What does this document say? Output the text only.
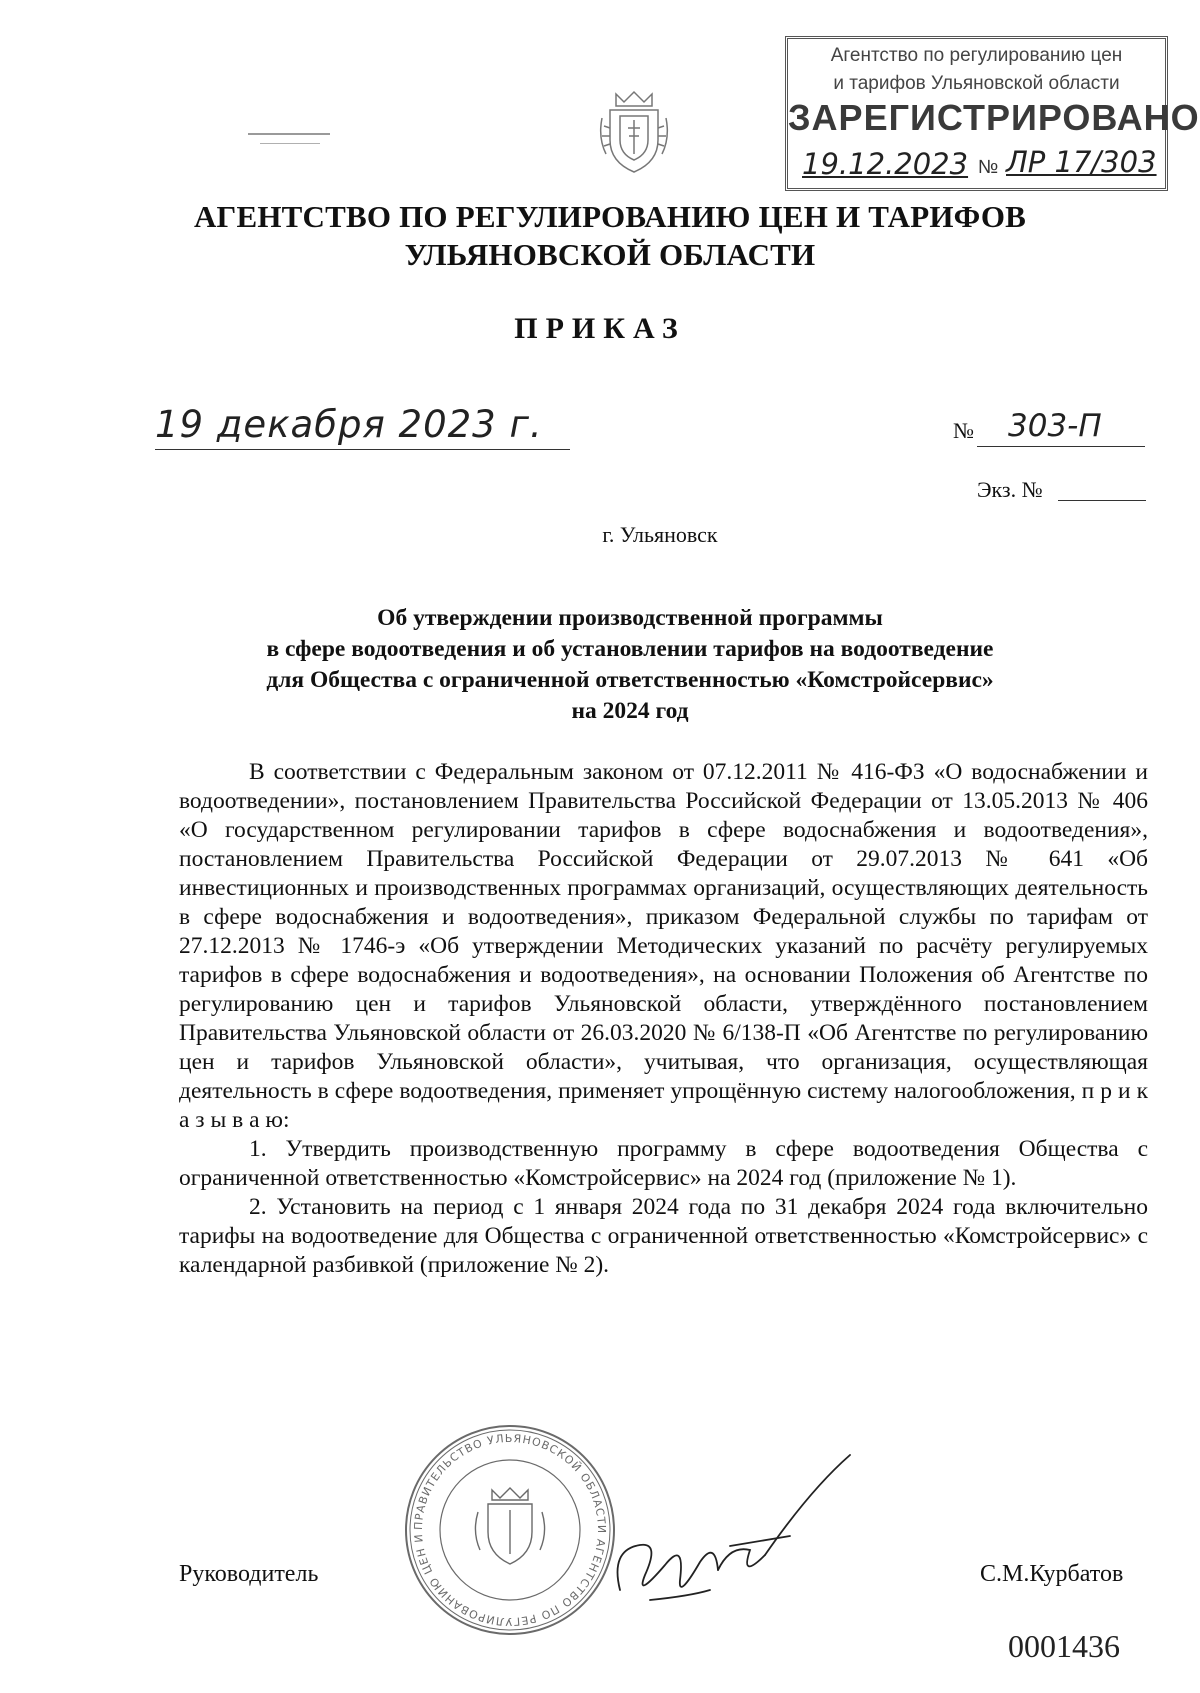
Агентство по регулированию цен
и тарифов Ульяновской области
ЗАРЕГИСТРИРОВАНО
19.12.2023 № ЛР 17/303
АГЕНТСТВО ПО РЕГУЛИРОВАНИЮ ЦЕН И ТАРИФОВ
УЛЬЯНОВСКОЙ ОБЛАСТИ
ПРИКАЗ
19 декабря 2023 г.	№ 303-П
Экз. №
г. Ульяновск
Об утверждении производственной программы
в сфере водоотведения и об установлении тарифов на водоотведение
для Общества с ограниченной ответственностью «Комстройсервис»
на 2024 год

В соответствии с Федеральным законом от 07.12.2011 № 416-ФЗ «О водоснабжении и водоотведении», постановлением Правительства Российской Федерации от 13.05.2013 № 406 «О государственном регулировании тарифов в сфере водоснабжения и водоотведения», постановлением Правительства Российской Федерации от 29.07.2013 № 641 «Об инвестиционных и производственных программах организаций, осуществляющих деятельность в сфере водоснабжения и водоотведения», приказом Федеральной службы по тарифам от 27.12.2013 № 1746-э «Об утверждении Методических указаний по расчёту регулируемых тарифов в сфере водоснабжения и водоотведения», на основании Положения об Агентстве по регулированию цен и тарифов Ульяновской области, утверждённого постановлением Правительства Ульяновской области от 26.03.2020 № 6/138-П «Об Агентстве по регулированию цен и тарифов Ульяновской области», учитывая, что организация, осуществляющая деятельность в сфере водоотведения, применяет упрощённую систему налогообложения, п р и к а з ы в а ю:

1. Утвердить производственную программу в сфере водоотведения Общества с ограниченной ответственностью «Комстройсервис» на 2024 год (приложение № 1).

2. Установить на период с 1 января 2024 года по 31 декабря 2024 года включительно тарифы на водоотведение для Общества с ограниченной ответственностью «Комстройсервис» с календарной разбивкой (приложение № 2).

ПРАВИТЕЛЬСТВО УЛЬЯНОВСКОЙ ОБЛАСТИ АГЕНТСТВО ПО РЕГУЛИРОВАНИЮ ЦЕН И
Руководитель	С.М.Курбатов
0001436
